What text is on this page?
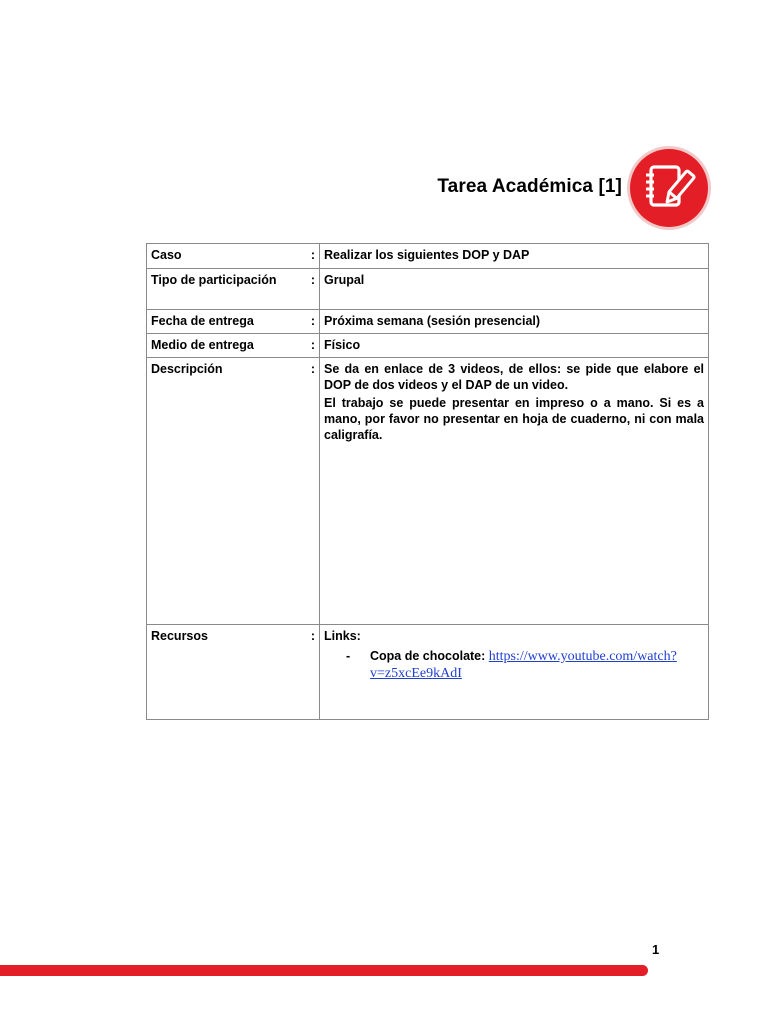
Tarea Académica [1]
Caso	:	Realizar los siguientes DOP y DAP
Tipo de participación	:	Grupal
Fecha de entrega	:	Próxima semana (sesión presencial)
Medio de entrega	:	Físico
Descripción	:	Se da en enlace de 3 videos, de ellos: se pide que elabore el DOP de dos videos y el DAP de un video.

El trabajo se puede presentar en impreso o a mano. Si es a mano, por favor no presentar en hoja de cuaderno, ni con mala caligrafía.

Recursos	:	Links:
- Copa de chocolate: https://www.youtube.com/watch?v=z5xcEe9kAdI
1
